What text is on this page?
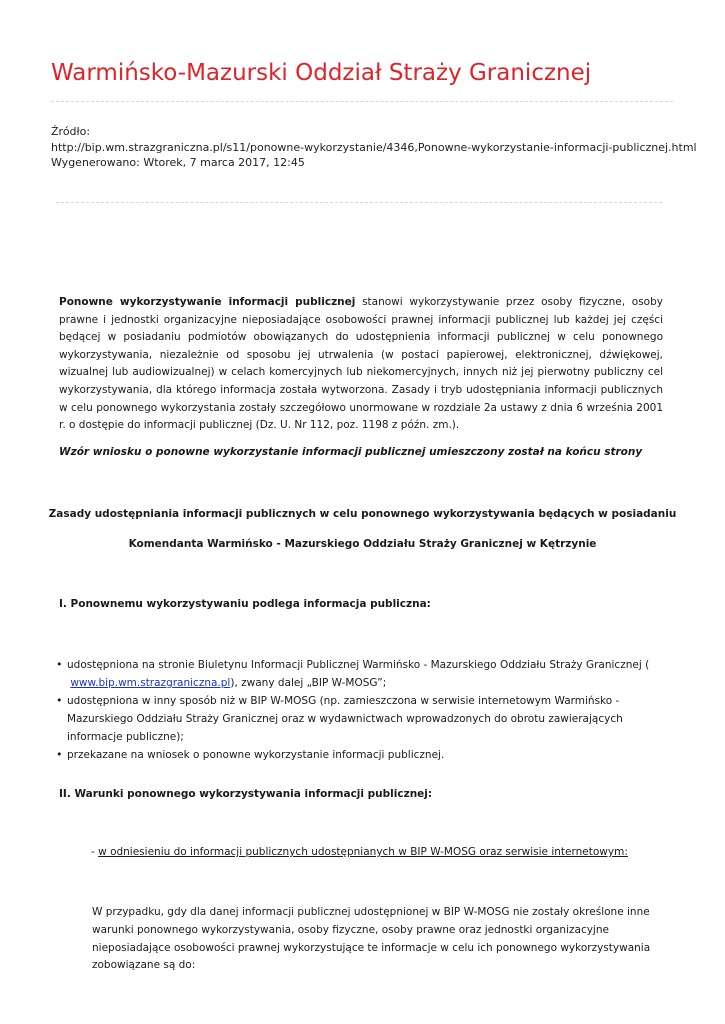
Warmińsko-Mazurski Oddział Straży Granicznej
Źródło:
http://bip.wm.strazgraniczna.pl/s11/ponowne-wykorzystanie/4346,Ponowne-wykorzystanie-informacji-publicznej.html
Wygenerowano: Wtorek, 7 marca 2017, 12:45

Ponowne wykorzystywanie informacji publicznej stanowi wykorzystywanie przez osoby fizyczne, osoby prawne i jednostki organizacyjne nieposiadające osobowości prawnej informacji publicznej lub każdej jej części będącej w posiadaniu podmiotów obowiązanych do udostępnienia informacji publicznej w celu ponownego wykorzystywania, niezależnie od sposobu jej utrwalenia (w postaci papierowej, elektronicznej, dźwiękowej, wizualnej lub audiowizualnej) w celach komercyjnych lub niekomercyjnych, innych niż jej pierwotny publiczny cel wykorzystywania, dla którego informacja została wytworzona. Zasady i tryb udostępniania informacji publicznych w celu ponownego wykorzystania zostały szczegółowo unormowane w rozdziale 2a ustawy z dnia 6 września 2001 r. o dostępie do informacji publicznej (Dz. U. Nr 112, poz. 1198 z późn. zm.).

Wzór wniosku o ponowne wykorzystanie informacji publicznej umieszczony został na końcu strony

Zasady udostępniania informacji publicznych w celu ponownego wykorzystywania będących w posiadaniu

Komendanta Warmińsko - Mazurskiego Oddziału Straży Granicznej w Kętrzynie

I. Ponownemu wykorzystywaniu podlega informacja publiczna:

• udostępniona na stronie Biuletynu Informacji Publicznej Warmińsko - Mazurskiego Oddziału Straży Granicznej (
www.bip.wm.strazgraniczna.pl), zwany dalej „BIP W-MOSG”;
• udostępniona w inny sposób niż w BIP W-MOSG (np. zamieszczona w serwisie internetowym Warmińsko - Mazurskiego Oddziału Straży Granicznej oraz w wydawnictwach wprowadzonych do obrotu zawierających informacje publiczne);
• przekazane na wniosek o ponowne wykorzystanie informacji publicznej.

II. Warunki ponownego wykorzystywania informacji publicznej:

- w odniesieniu do informacji publicznych udostępnianych w BIP W-MOSG oraz serwisie internetowym:

W przypadku, gdy dla danej informacji publicznej udostępnionej w BIP W-MOSG nie zostały określone inne warunki ponownego wykorzystywania, osoby fizyczne, osoby prawne oraz jednostki organizacyjne nieposiadające osobowości prawnej wykorzystujące te informacje w celu ich ponownego wykorzystywania zobowiązane są do:
